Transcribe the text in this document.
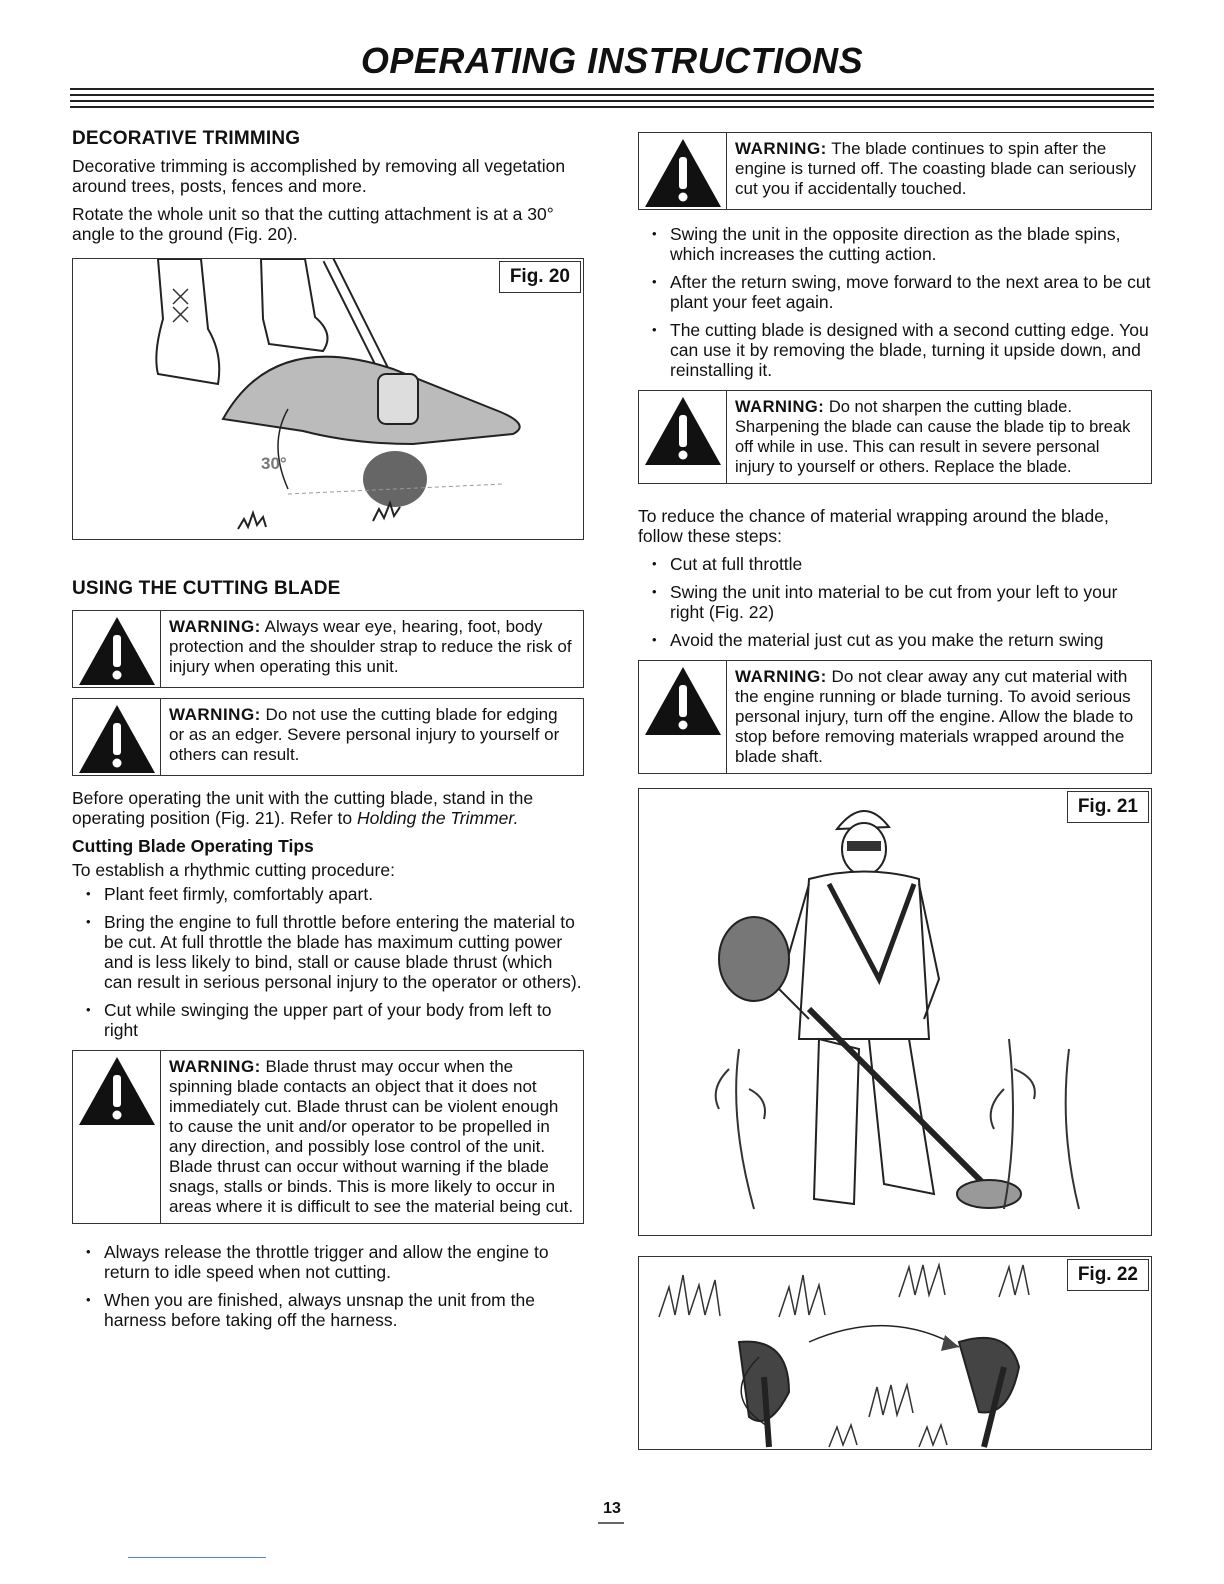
OPERATING INSTRUCTIONS
DECORATIVE TRIMMING

Decorative trimming is accomplished by removing all vegetation around trees, posts, fences and more.

Rotate the whole unit so that the cutting attachment is at a 30° angle to the ground (Fig. 20).

30°
Fig. 20
USING THE CUTTING BLADE
WARNING: Always wear eye, hearing, foot, body protection and the shoulder strap to reduce the risk of injury when operating this unit.
WARNING: Do not use the cutting blade for edging or as an edger. Severe personal injury to yourself or others can result.

Before operating the unit with the cutting blade, stand in the operating position (Fig. 21). Refer to Holding the Trimmer.

Cutting Blade Operating Tips

To establish a rhythmic cutting procedure:

• Plant feet firmly, comfortably apart.
• Bring the engine to full throttle before entering the material to be cut. At full throttle the blade has maximum cutting power and is less likely to bind, stall or cause blade thrust (which can result in serious personal injury to the operator or others).
• Cut while swinging the upper part of your body from left to right
WARNING: Blade thrust may occur when the spinning blade contacts an object that it does not immediately cut. Blade thrust can be violent enough to cause the unit and/or operator to be propelled in any direction, and possibly lose control of the unit. Blade thrust can occur without warning if the blade snags, stalls or binds. This is more likely to occur in areas where it is difficult to see the material being cut.
• Always release the throttle trigger and allow the engine to return to idle speed when not cutting.
• When you are finished, always unsnap the unit from the harness before taking off the harness.
WARNING: The blade continues to spin after the engine is turned off. The coasting blade can seriously cut you if accidentally touched.
• Swing the unit in the opposite direction as the blade spins, which increases the cutting action.
• After the return swing, move forward to the next area to be cut plant your feet again.
• The cutting blade is designed with a second cutting edge. You can use it by removing the blade, turning it upside down, and reinstalling it.
WARNING: Do not sharpen the cutting blade. Sharpening the blade can cause the blade tip to break off while in use. This can result in severe personal injury to yourself or others. Replace the blade.

To reduce the chance of material wrapping around the blade, follow these steps:

• Cut at full throttle
• Swing the unit into material to be cut from your left to your right (Fig. 22)
• Avoid the material just cut as you make the return swing
WARNING: Do not clear away any cut material with the engine running or blade turning. To avoid serious personal injury, turn off the engine. Allow the blade to stop before removing materials wrapped around the blade shaft.
Fig. 21
Fig. 22
13
